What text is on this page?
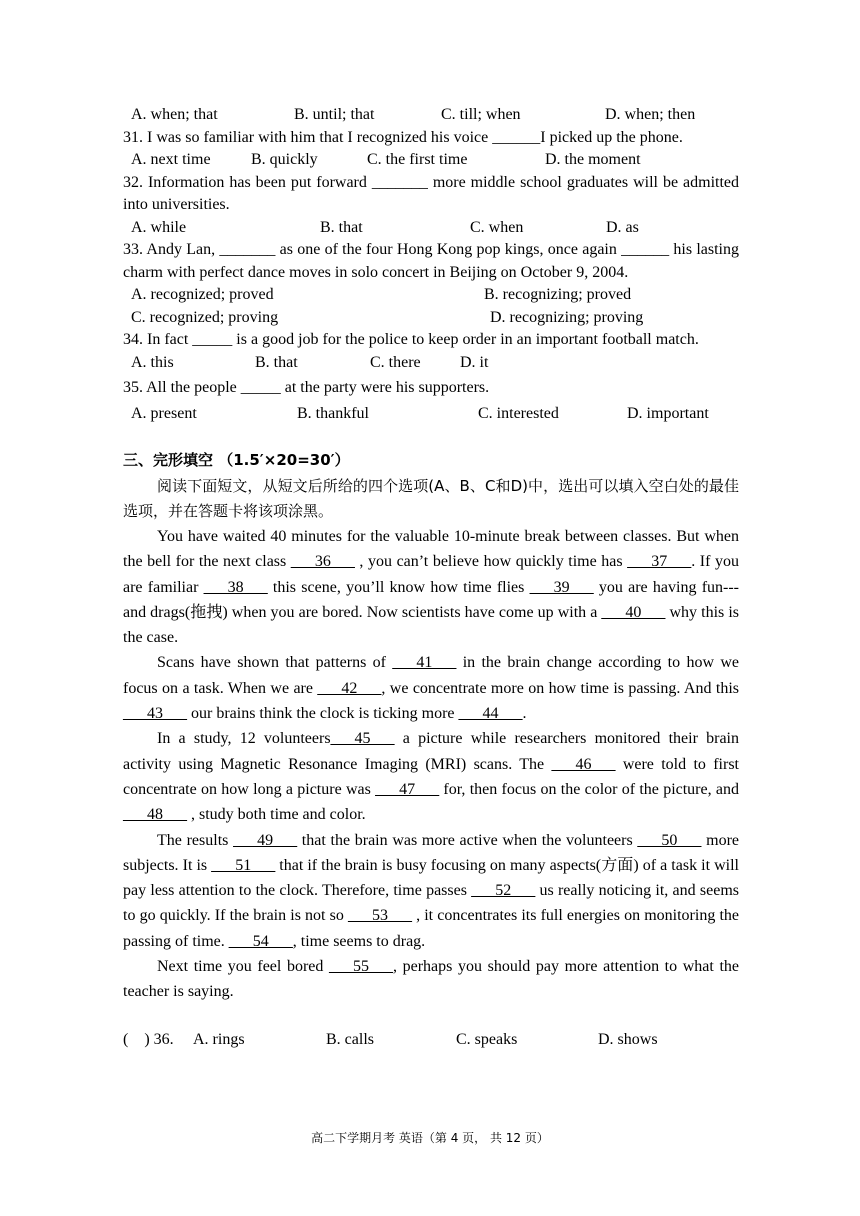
A. when; that	B. until; that	C. till; when	D. when; then

31. I was so familiar with him that I recognized his voice ______I picked up the phone.

A. next time	B. quickly	C. the first time	D. the moment

32. Information has been put forward _______ more middle school graduates will be admitted into universities.

A. while	B. that	C. when	D. as

33. Andy Lan, _______ as one of the four Hong Kong pop kings, once again ______ his lasting charm with perfect dance moves in solo concert in Beijing on October 9, 2004.

A. recognized; proved	B. recognizing; proved
C. recognized; proving	D. recognizing; proving

34. In fact _____ is a good job for the police to keep order in an important football match.

A. this	B. that	C. there	D. it

35. All the people _____ at the party were his supporters.

A. present	B. thankful	C. interested	D. important
三、完形填空 （1.5′×20=30′）

阅读下面短文，从短文后所给的四个选项(A、B、C和D)中，选出可以填入空白处的最佳选项，并在答题卡将该项涂黑。

You have waited 40 minutes for the valuable 10-minute break between classes. But when the bell for the next class ___36___ , you can’t believe how quickly time has ___37___. If you are familiar ___38___ this scene, you’ll know how time flies ___39___ you are having fun---and drags(拖拽) when you are bored. Now scientists have come up with a ___40___ why this is the case.

Scans have shown that patterns of ___41___ in the brain change according to how we focus on a task. When we are ___42___, we concentrate more on how time is passing. And this ___43___ our brains think the clock is ticking more ___44___.

In a study, 12 volunteers___45___ a picture while researchers monitored their brain activity using Magnetic Resonance Imaging (MRI) scans. The ___46___ were told to first concentrate on how long a picture was ___47___ for, then focus on the color of the picture, and ___48___ , study both time and color.

The results ___49___ that the brain was more active when the volunteers ___50___ more subjects. It is ___51___ that if the brain is busy focusing on many aspects(方面) of a task it will pay less attention to the clock. Therefore, time passes ___52___ us really noticing it, and seems to go quickly. If the brain is not so ___53___ , it concentrates its full energies on monitoring the passing of time. ___54___, time seems to drag.

Next time you feel bored ___55___, perhaps you should pay more attention to what the teacher is saying.

(    ) 36.	A. rings	B. calls	C. speaks	D. shows
高二下学期月考 英语（第 4 页， 共 12 页）
